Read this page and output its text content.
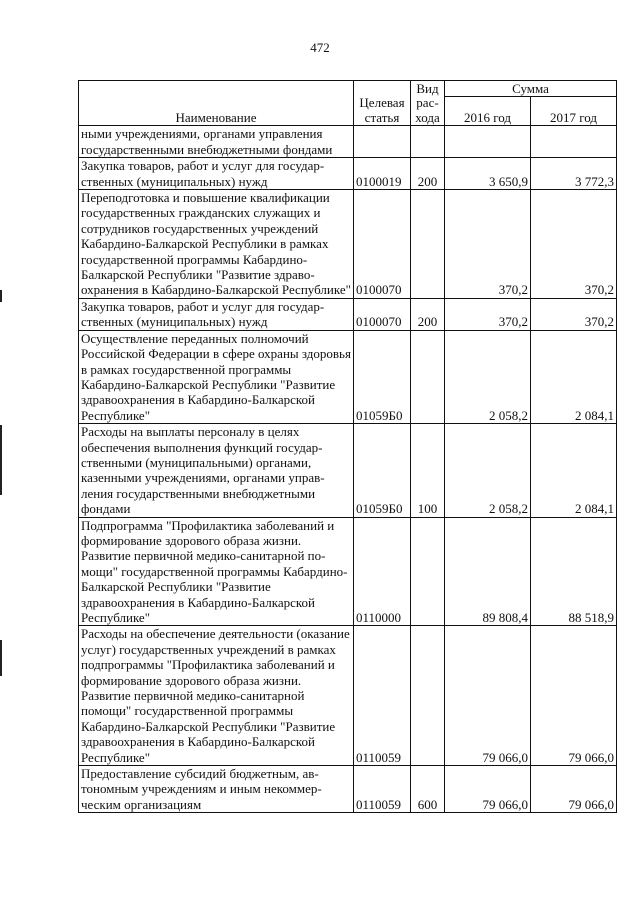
472
Наименование	Целевая статья	Вид расхода	Сумма	
			2016 год	2017 год
ными учреждениями, органами управления государственными внебюджетными фондами				
Закупка товаров, работ и услуг для государственных (муниципальных) нужд	0100019	200	3 650,9	3 772,3
Переподготовка и повышение квалификации государственных гражданских служащих и сотрудников государственных учреждений Кабардино-Балкарской Республики в рамках государственной программы Кабардино-Балкарской Республики "Развитие здравоохранения в Кабардино-Балкарской Республике"	0100070		370,2	370,2
Закупка товаров, работ и услуг для государственных (муниципальных) нужд	0100070	200	370,2	370,2
Осуществление переданных полномочий Российской Федерации в сфере охраны здоровья в рамках государственной программы Кабардино-Балкарской Республики "Развитие здравоохранения в Кабардино-Балкарской Республике"	01059Б0		2 058,2	2 084,1
Расходы на выплаты персоналу в целях обеспечения выполнения функций государственными (муниципальными) органами, казенными учреждениями, органами управления государственными внебюджетными фондами	01059Б0	100	2 058,2	2 084,1
Подпрограмма "Профилактика заболеваний и формирование здорового образа жизни. Развитие первичной медико-санитарной помощи" государственной программы Кабардино-Балкарской Республики "Развитие здравоохранения в Кабардино-Балкарской Республике"	0110000		89 808,4	88 518,9
Расходы на обеспечение деятельности (оказание услуг) государственных учреждений в рамках подпрограммы "Профилактика заболеваний и формирование здорового образа жизни. Развитие первичной медико-санитарной помощи" государственной программы Кабардино-Балкарской Республики "Развитие здравоохранения в Кабардино-Балкарской Республике"	0110059		79 066,0	79 066,0
Предоставление субсидий бюджетным, автономным учреждениям и иным некоммерческим организациям	0110059	600	79 066,0	79 066,0
